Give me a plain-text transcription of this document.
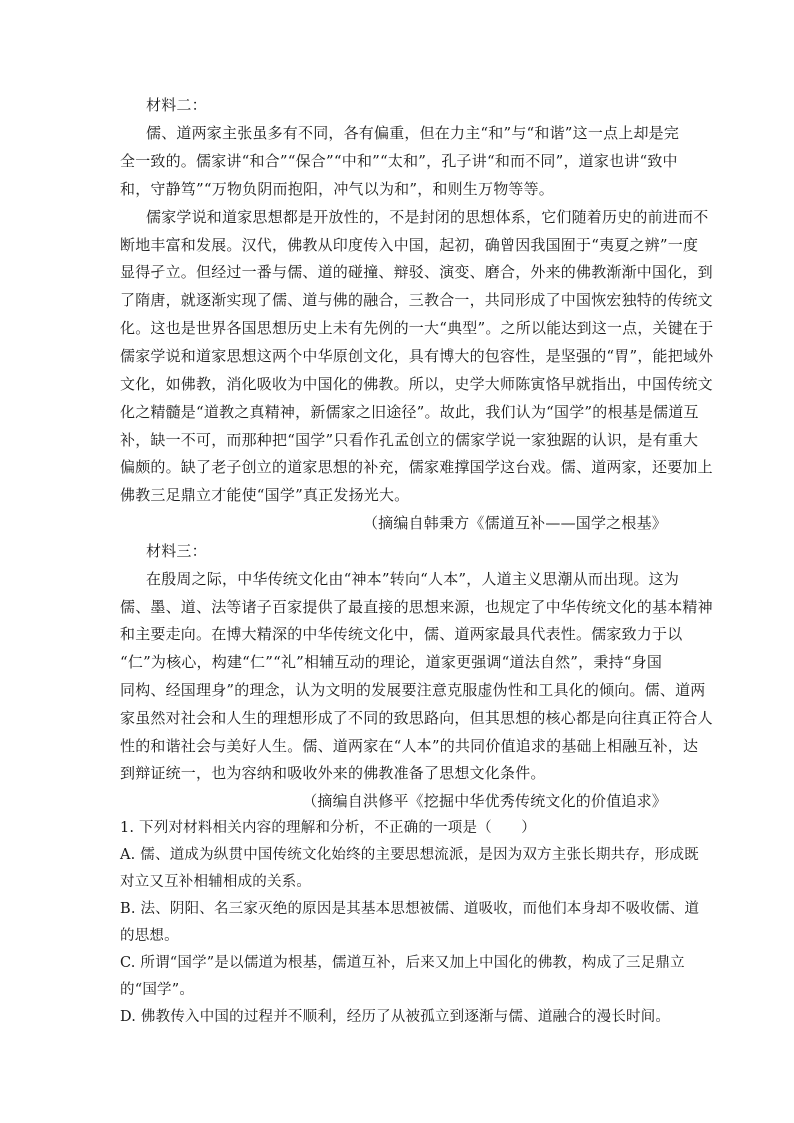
材料二：
儒、道两家主张虽多有不同，各有偏重，但在力主“和”与“和谐”这一点上却是完
全一致的。儒家讲“和合”“保合”“中和”“太和”，孔子讲“和而不同”，道家也讲“致中
和，守静笃”“万物负阴而抱阳，冲气以为和”，和则生万物等等。
儒家学说和道家思想都是开放性的，不是封闭的思想体系，它们随着历史的前进而不
断地丰富和发展。汉代，佛教从印度传入中国，起初，确曾因我国囿于“夷夏之辨”一度
显得孑立。但经过一番与儒、道的碰撞、辩驳、演变、磨合，外来的佛教渐渐中国化，到
了隋唐，就逐渐实现了儒、道与佛的融合，三教合一，共同形成了中国恢宏独特的传统文
化。这也是世界各国思想历史上未有先例的一大“典型”。之所以能达到这一点，关键在于
儒家学说和道家思想这两个中华原创文化，具有博大的包容性，是坚强的“胃”，能把域外
文化，如佛教，消化吸收为中国化的佛教。所以，史学大师陈寅恪早就指出，中国传统文
化之精髓是“道教之真精神，新儒家之旧途径”。故此，我们认为“国学”的根基是儒道互
补，缺一不可，而那种把“国学”只看作孔孟创立的儒家学说一家独踞的认识，是有重大
偏颇的。缺了老子创立的道家思想的补充，儒家难撑国学这台戏。儒、道两家，还要加上
佛教三足鼎立才能使“国学”真正发扬光大。
（摘编自韩秉方《儒道互补——国学之根基》
材料三：
在殷周之际，中华传统文化由“神本”转向“人本”，人道主义思潮从而出现。这为
儒、墨、道、法等诸子百家提供了最直接的思想来源，也规定了中华传统文化的基本精神
和主要走向。在博大精深的中华传统文化中，儒、道两家最具代表性。儒家致力于以
“仁”为核心，构建“仁”“礼”相辅互动的理论，道家更强调“道法自然”，秉持“身国
同构、经国理身”的理念，认为文明的发展要注意克服虚伪性和工具化的倾向。儒、道两
家虽然对社会和人生的理想形成了不同的致思路向，但其思想的核心都是向往真正符合人
性的和谐社会与美好人生。儒、道两家在“人本”的共同价值追求的基础上相融互补，达
到辩证统一，也为容纳和吸收外来的佛教准备了思想文化条件。
（摘编自洪修平《挖掘中华优秀传统文化的价值追求》
1. 下列对材料相关内容的理解和分析，不正确的一项是（　　）
A. 儒、道成为纵贯中国传统文化始终的主要思想流派，是因为双方主张长期共存，形成既
对立又互补相辅相成的关系。
B. 法、阴阳、名三家灭绝的原因是其基本思想被儒、道吸收，而他们本身却不吸收儒、道
的思想。
C. 所谓“国学”是以儒道为根基，儒道互补，后来又加上中国化的佛教，构成了三足鼎立
的“国学”。
D. 佛教传入中国的过程并不顺利，经历了从被孤立到逐渐与儒、道融合的漫长时间。
